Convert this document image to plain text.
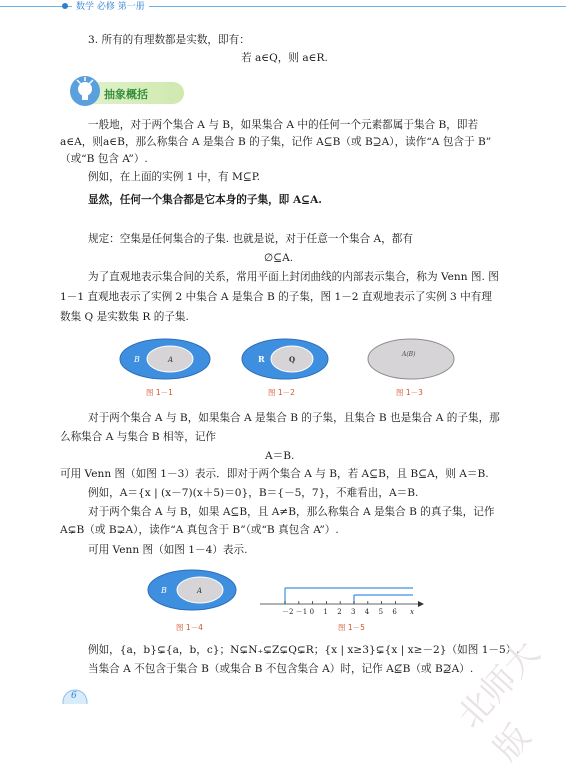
数学 必修 第一册
3. 所有的有理数都是实数，即有：
若 a∈Q，则 a∈R.
抽象概括
一般地，对于两个集合 A 与 B，如果集合 A 中的任何一个元素都属于集合 B，即若
a∈A，则a∈B，那么称集合 A 是集合 B 的子集，记作 A⊆B（或 B⊇A），读作“A 包含于 B”
（或“B 包含 A”）.
例如，在上面的实例 1 中，有 M⊆P.
显然，任何一个集合都是它本身的子集，即 A⊆A.
规定：空集是任何集合的子集. 也就是说，对于任意一个集合 A，都有
∅⊆A.
为了直观地表示集合间的关系，常用平面上封闭曲线的内部表示集合，称为 Venn 图. 图
1－1 直观地表示了实例 2 中集合 A 是集合 B 的子集，图 1－2 直观地表示了实例 3 中有理
数集 Q 是实数集 R 的子集.
B	A
图 1－1
R	Q
图 1－2
A(B)
图 1－3
对于两个集合 A 与 B，如果集合 A 是集合 B 的子集，且集合 B 也是集合 A 的子集，那
么称集合 A 与集合 B 相等，记作
A＝B.
可用 Venn 图（如图 1－3）表示．即对于两个集合 A 与 B，若 A⊆B，且 B⊆A，则 A＝B.
例如，A＝{x | (x－7)(x＋5)＝0}，B＝{－5，7}，不难看出，A＝B.
对于两个集合 A 与 B，如果 A⊆B，且 A≠B，那么称集合 A 是集合 B 的真子集，记作
A⊊B（或 B⊋A），读作“A 真包含于 B”（或“B 真包含 A”）.
可用 Venn 图（如图 1－4）表示.
B	A
图 1－4
－2 －1 0 1 2 3 4 5 6 x
图 1－5
例如，{a，b}⊊{a，b，c}；N⊊N₊⊊Z⊊Q⊊R；{x | x≥3}⊊{x | x≥－2}（如图 1－5）.
当集合 A 不包含于集合 B（或集合 B 不包含集合 A）时，记作 A⊈B（或 B⊉A）.
6	北师大版
